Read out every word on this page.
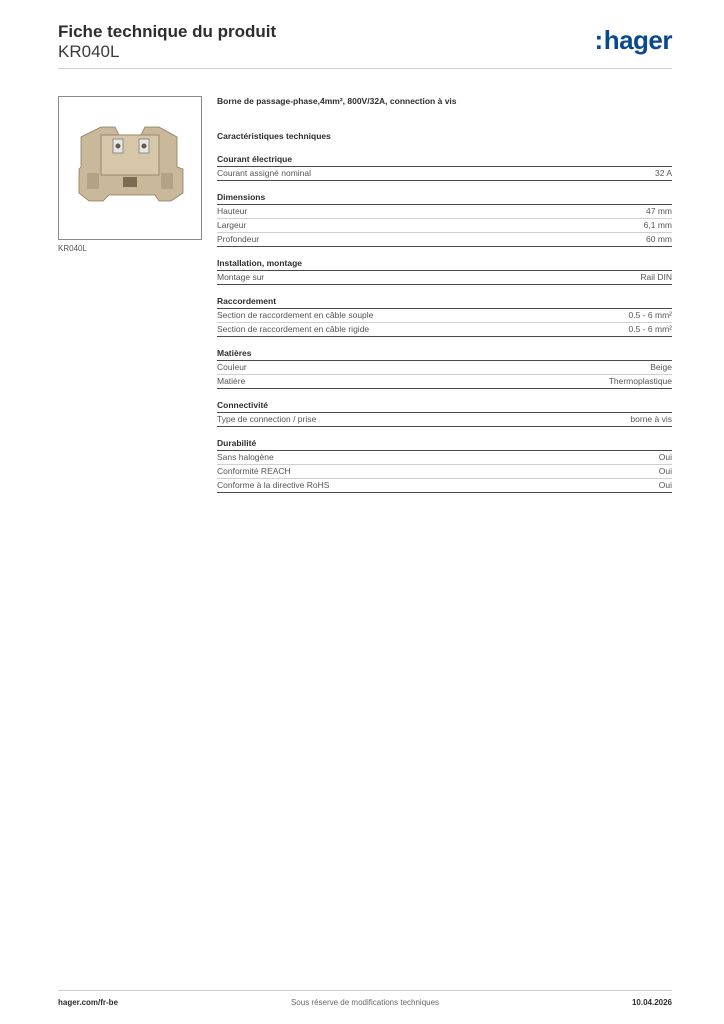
Fiche technique du produit
KR040L	:hager
KR040L
Borne de passage-phase,4mm², 800V/32A, connection à vis
Caractéristiques techniques
Courant électrique
Courant assigné nominal	32 A
Dimensions
Hauteur	47 mm
Largeur	6,1 mm
Profondeur	60 mm
Installation, montage
Montage sur	Rail DIN
Raccordement
Section de raccordement en câble souple	0.5 - 6 mm²
Section de raccordement en câble rigide	0.5 - 6 mm²
Matières
Couleur	Beige
Matière	Thermoplastique
Connectivité
Type de connection / prise	borne à vis
Durabilité
Sans halogène	Oui
Conformité REACH	Oui
Conforme à la directive RoHS	Oui
hager.com/fr-be	Sous réserve de modifications techniques	10.04.2026
